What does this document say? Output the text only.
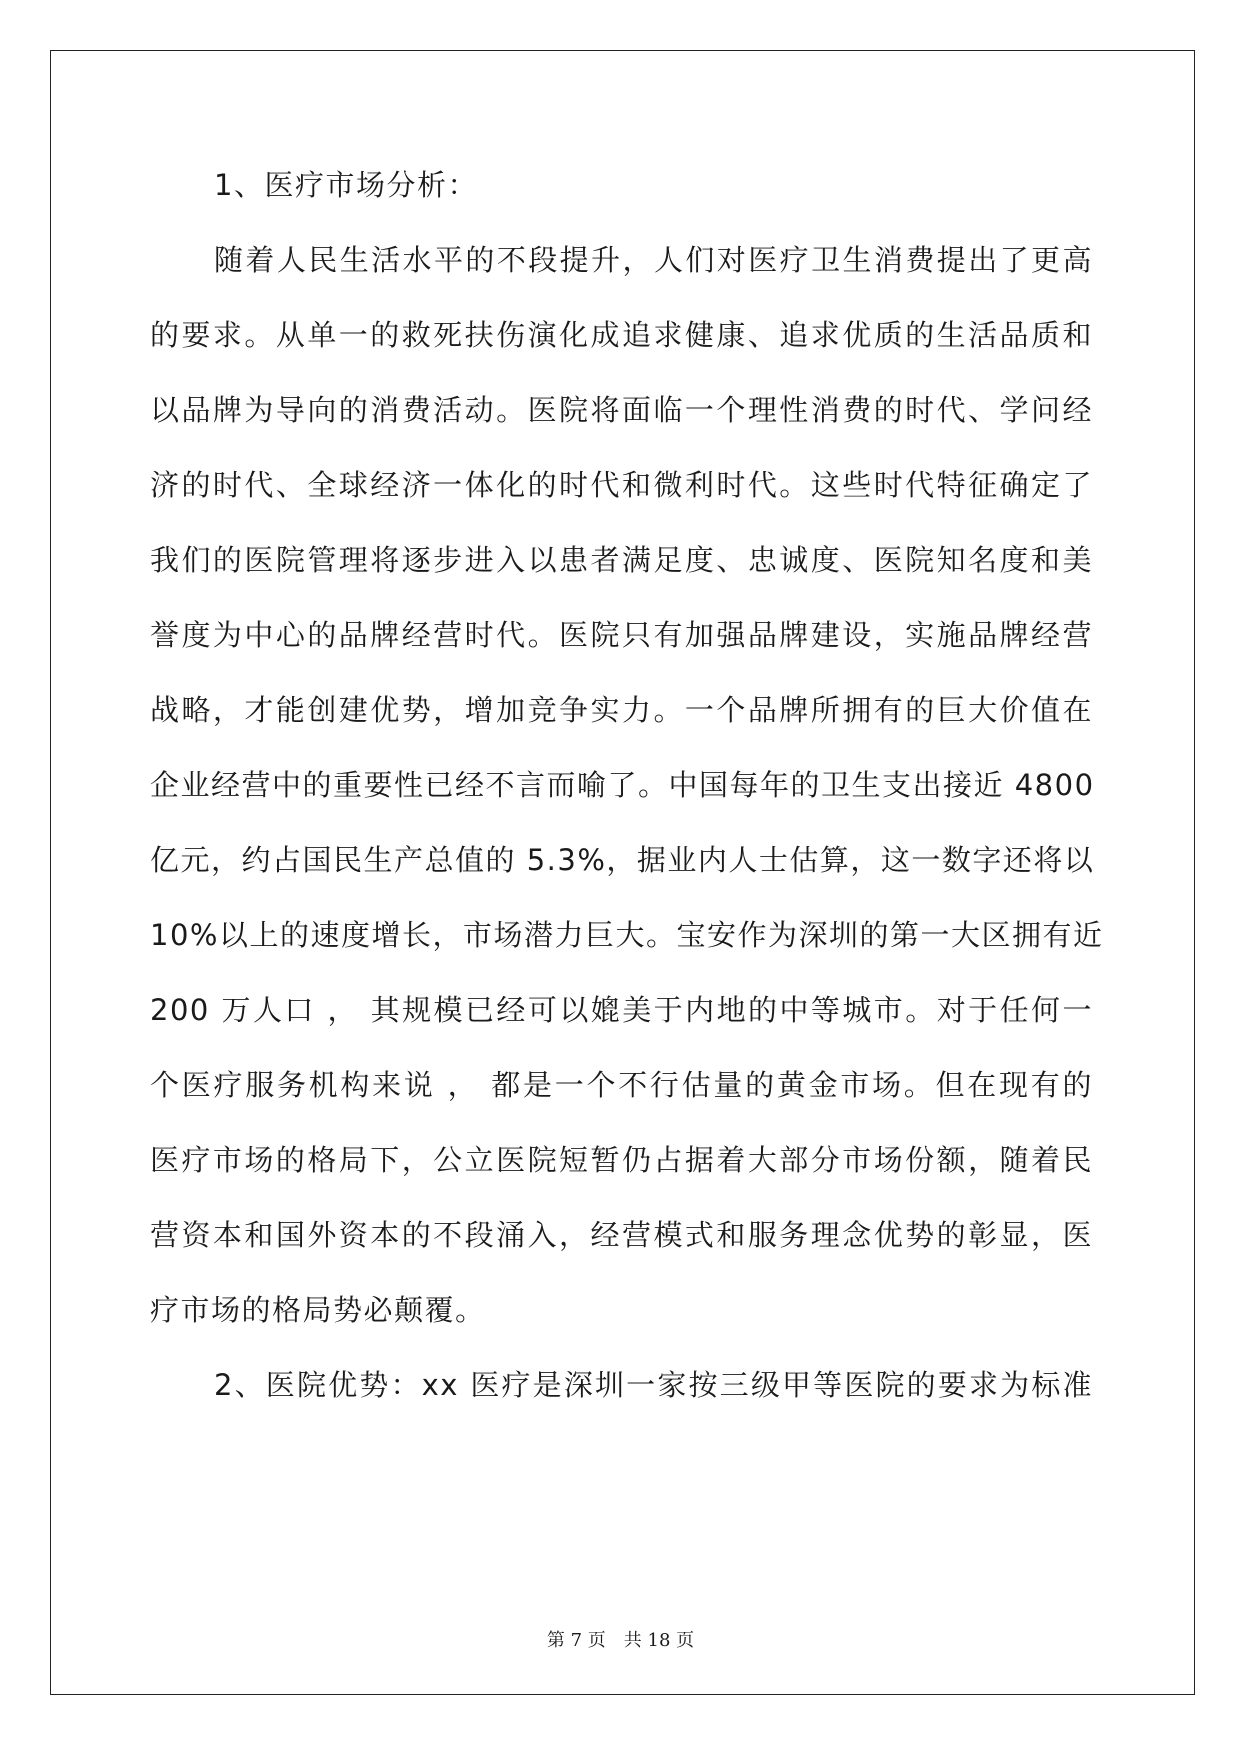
1、医疗市场分析：

随着人民生活水平的不段提升，人们对医疗卫生消费提出了更高

的要求。从单一的救死扶伤演化成追求健康、追求优质的生活品质和

以品牌为导向的消费活动。医院将面临一个理性消费的时代、学问经

济的时代、全球经济一体化的时代和微利时代。这些时代特征确定了

我们的医院管理将逐步进入以患者满足度、忠诚度、医院知名度和美

誉度为中心的品牌经营时代。医院只有加强品牌建设，实施品牌经营

战略，才能创建优势，增加竞争实力。一个品牌所拥有的巨大价值在

企业经营中的重要性已经不言而喻了。中国每年的卫生支出接近 4800

亿元，约占国民生产总值的 5.3%，据业内人士估算，这一数字还将以

10%以上的速度增长，市场潜力巨大。宝安作为深圳的第一大区拥有近

200 万人口 ， 其规模已经可以媲美于内地的中等城市。对于任何一

个医疗服务机构来说 ， 都是一个不行估量的黄金市场。但在现有的

医疗市场的格局下，公立医院短暂仍占据着大部分市场份额，随着民

营资本和国外资本的不段涌入，经营模式和服务理念优势的彰显，医

疗市场的格局势必颠覆。

2、医院优势：xx 医疗是深圳一家按三级甲等医院的要求为标准

第 7 页 共 18 页
